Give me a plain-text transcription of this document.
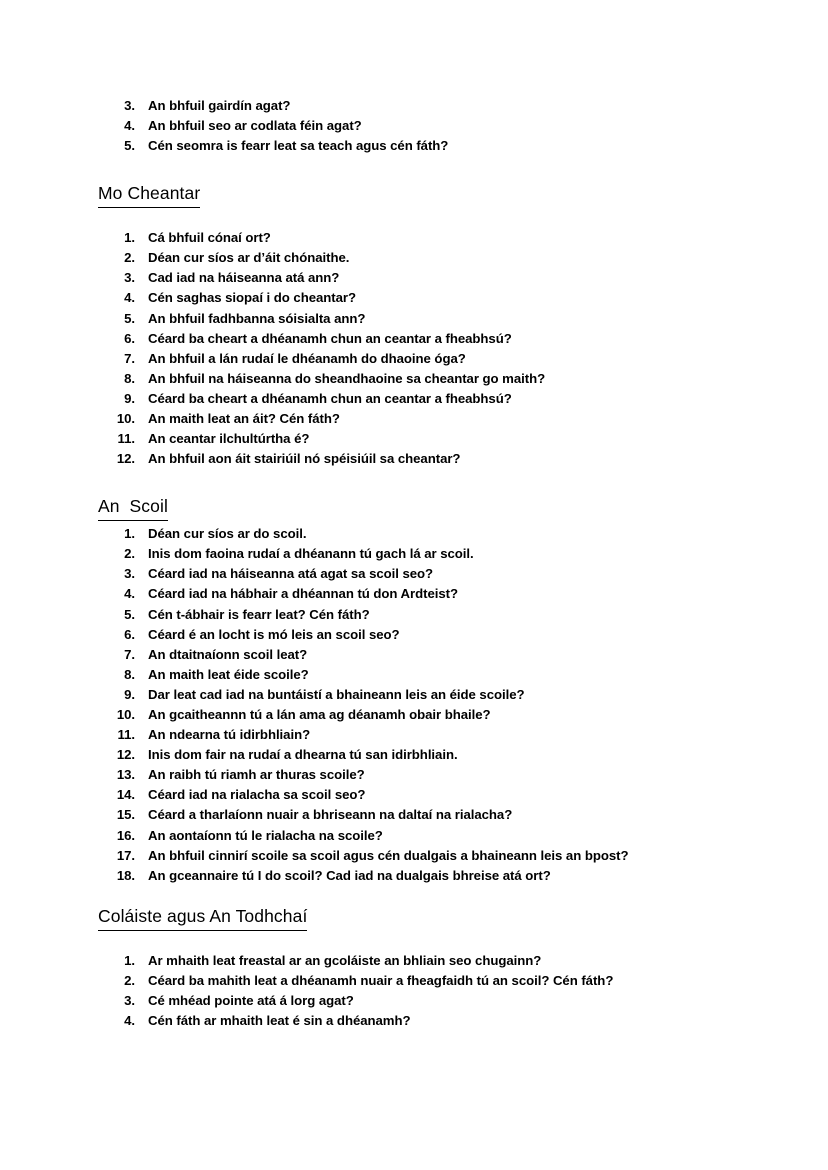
3. An bhfuil gairdín agat?
4. An bhfuil seo ar codlata féin agat?
5. Cén seomra is fearr leat sa teach agus cén fáth?
Mo Cheantar
1. Cá bhfuil cónaí ort?
2. Déan cur síos ar d’áit chónaithe.
3. Cad iad na háiseanna atá ann?
4. Cén saghas siopaí i do cheantar?
5. An bhfuil fadhbanna sóisialta ann?
6. Céard ba cheart a dhéanamh chun an ceantar a fheabhsú?
7. An bhfuil a lán rudaí le dhéanamh do dhaoine óga?
8. An bhfuil na háiseanna do sheandhaoine sa cheantar go maith?
9. Céard ba cheart a dhéanamh chun an ceantar a fheabhsú?
10. An maith leat an áit? Cén fáth?
11. An ceantar ilchultúrtha é?
12. An bhfuil aon áit stairiúil nó spéisiúil sa cheantar?
An  Scoil
1. Déan cur síos ar do scoil.
2. Inis dom faoina rudaí a dhéanann tú gach lá ar scoil.
3. Céard iad na háiseanna atá agat sa scoil seo?
4. Céard iad na hábhair a dhéannan tú don Ardteist?
5. Cén t-ábhair is fearr leat? Cén fáth?
6. Céard é an locht is mó leis an scoil seo?
7. An dtaitnaíonn scoil leat?
8. An maith leat éide scoile?
9. Dar leat cad iad na buntáistí a bhaineann leis an éide scoile?
10. An gcaitheannn tú a lán ama ag déanamh obair bhaile?
11. An ndearna tú idirbhliain?
12. Inis dom fair na rudaí a dhearna tú san idirbhliain.
13. An raibh tú riamh ar thuras scoile?
14. Céard iad na rialacha sa scoil seo?
15. Céard a tharlaíonn nuair a bhriseann na daltaí na rialacha?
16. An aontaíonn tú le rialacha na scoile?
17. An bhfuil cinnirí scoile sa scoil agus cén dualgais a bhaineann leis an bpost?
18. An gceannaire tú I do scoil? Cad iad na dualgais bhreise atá ort?
Coláiste agus An Todhchaí
1. Ar mhaith leat freastal ar an gcoláiste an bhliain seo chugainn?
2. Céard ba mahith leat a dhéanamh nuair a fheagfaidh tú an scoil? Cén fáth?
3. Cé mhéad pointe atá á lorg agat?
4. Cén fáth ar mhaith leat é sin a dhéanamh?
